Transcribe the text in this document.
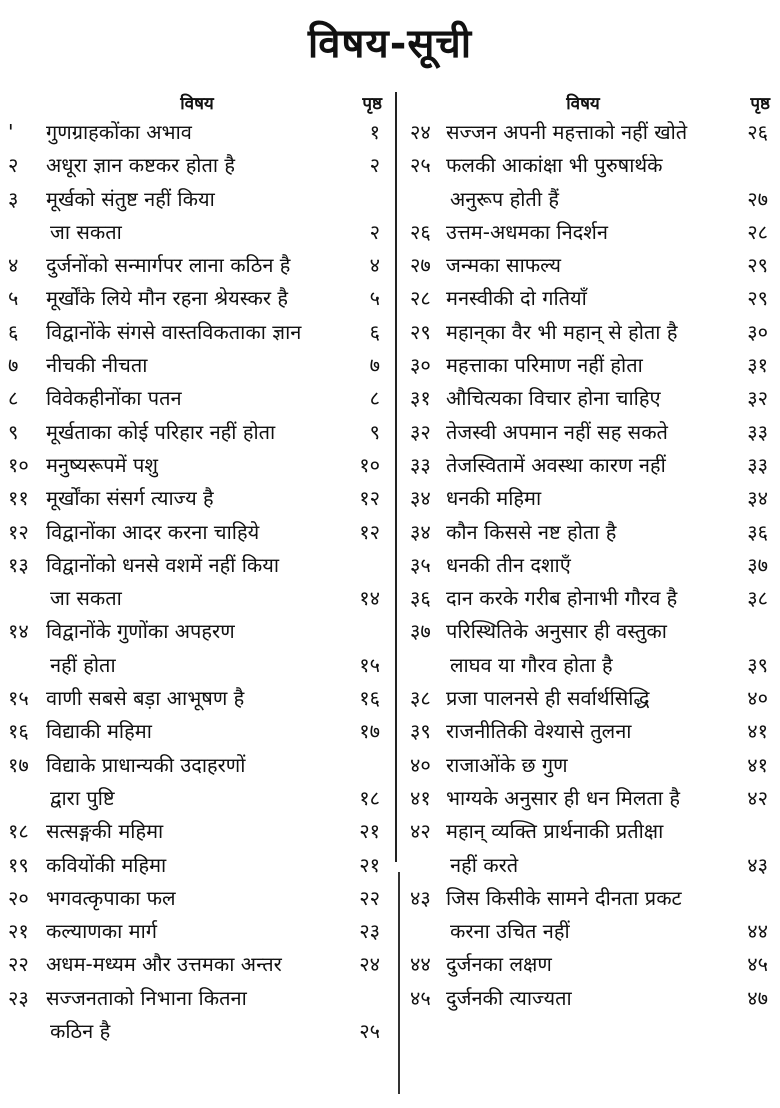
विषय-सूची
विषय	पृष्ठ
'	गुणग्राहकोंका अभाव	१
२	अधूरा ज्ञान कष्टकर होता है	२
३	मूर्खको संतुष्ट नहीं किया
जा सकता	२
४	दुर्जनोंको सन्मार्गपर लाना कठिन है	४
५	मूर्खोंके लिये मौन रहना श्रेयस्कर है	५
६	विद्वानोंके संगसे वास्तविकताका ज्ञान	६
७	नीचकी नीचता	७
८	विवेकहीनोंका पतन	८
९	मूर्खताका कोई परिहार नहीं होता	९
१० मनुष्यरूपमें पशु	१०
११ मूर्खोंका संसर्ग त्याज्य है	१२
१२ विद्वानोंका आदर करना चाहिये	१२
१३ विद्वानोंको धनसे वशमें नहीं किया
जा सकता	१४
१४ विद्वानोंके गुणोंका अपहरण
नहीं होता	१५
१५ वाणी सबसे बड़ा आभूषण है	१६
१६ विद्याकी महिमा	१७
१७ विद्याके प्राधान्यकी उदाहरणों
द्वारा पुष्टि	१८
१८ सत्सङ्गकी महिमा	२१
१९ कवियोंकी महिमा	२१
२० भगवत्कृपाका फल	२२
२१ कल्याणका मार्ग	२३
२२ अधम-मध्यम और उत्तमका अन्तर	२४
२३ सज्जनताको निभाना कितना
कठिन है	२५
विषय	पृष्ठ
२४ सज्जन अपनी महत्ताको नहीं खोते	२६
२५ फलकी आकांक्षा भी पुरुषार्थके
अनुरूप होती हैं	२७
२६ उत्तम-अधमका निदर्शन	२८
२७ जन्मका साफल्य	२९
२८ मनस्वीकी दो गतियाँ	२९
२९ महान्‌का वैर भी महान् से होता है	३०
३० महत्ताका परिमाण नहीं होता	३१
३१ औचित्यका विचार होना चाहिए	३२
३२ तेजस्वी अपमान नहीं सह सकते	३३
३३ तेजस्वितामें अवस्था कारण नहीं	३३
३४ धनकी महिमा	३४
३४ कौन किससे नष्ट होता है	३६
३५ धनकी तीन दशाएँ	३७
३६ दान करके गरीब होनाभी गौरव है	३८
३७ परिस्थितिके अनुसार ही वस्तुका
लाघव या गौरव होता है	३९
३८ प्रजा पालनसे ही सर्वार्थसिद्धि	४०
३९ राजनीतिकी वेश्यासे तुलना	४१
४० राजाओंके छ गुण	४१
४१ भाग्यके अनुसार ही धन मिलता है	४२
४२ महान् व्यक्ति प्रार्थनाकी प्रतीक्षा
नहीं करते	४३
४३ जिस किसीके सामने दीनता प्रकट
करना उचित नहीं	४४
४४ दुर्जनका लक्षण	४५
४५ दुर्जनकी त्याज्यता	४७
